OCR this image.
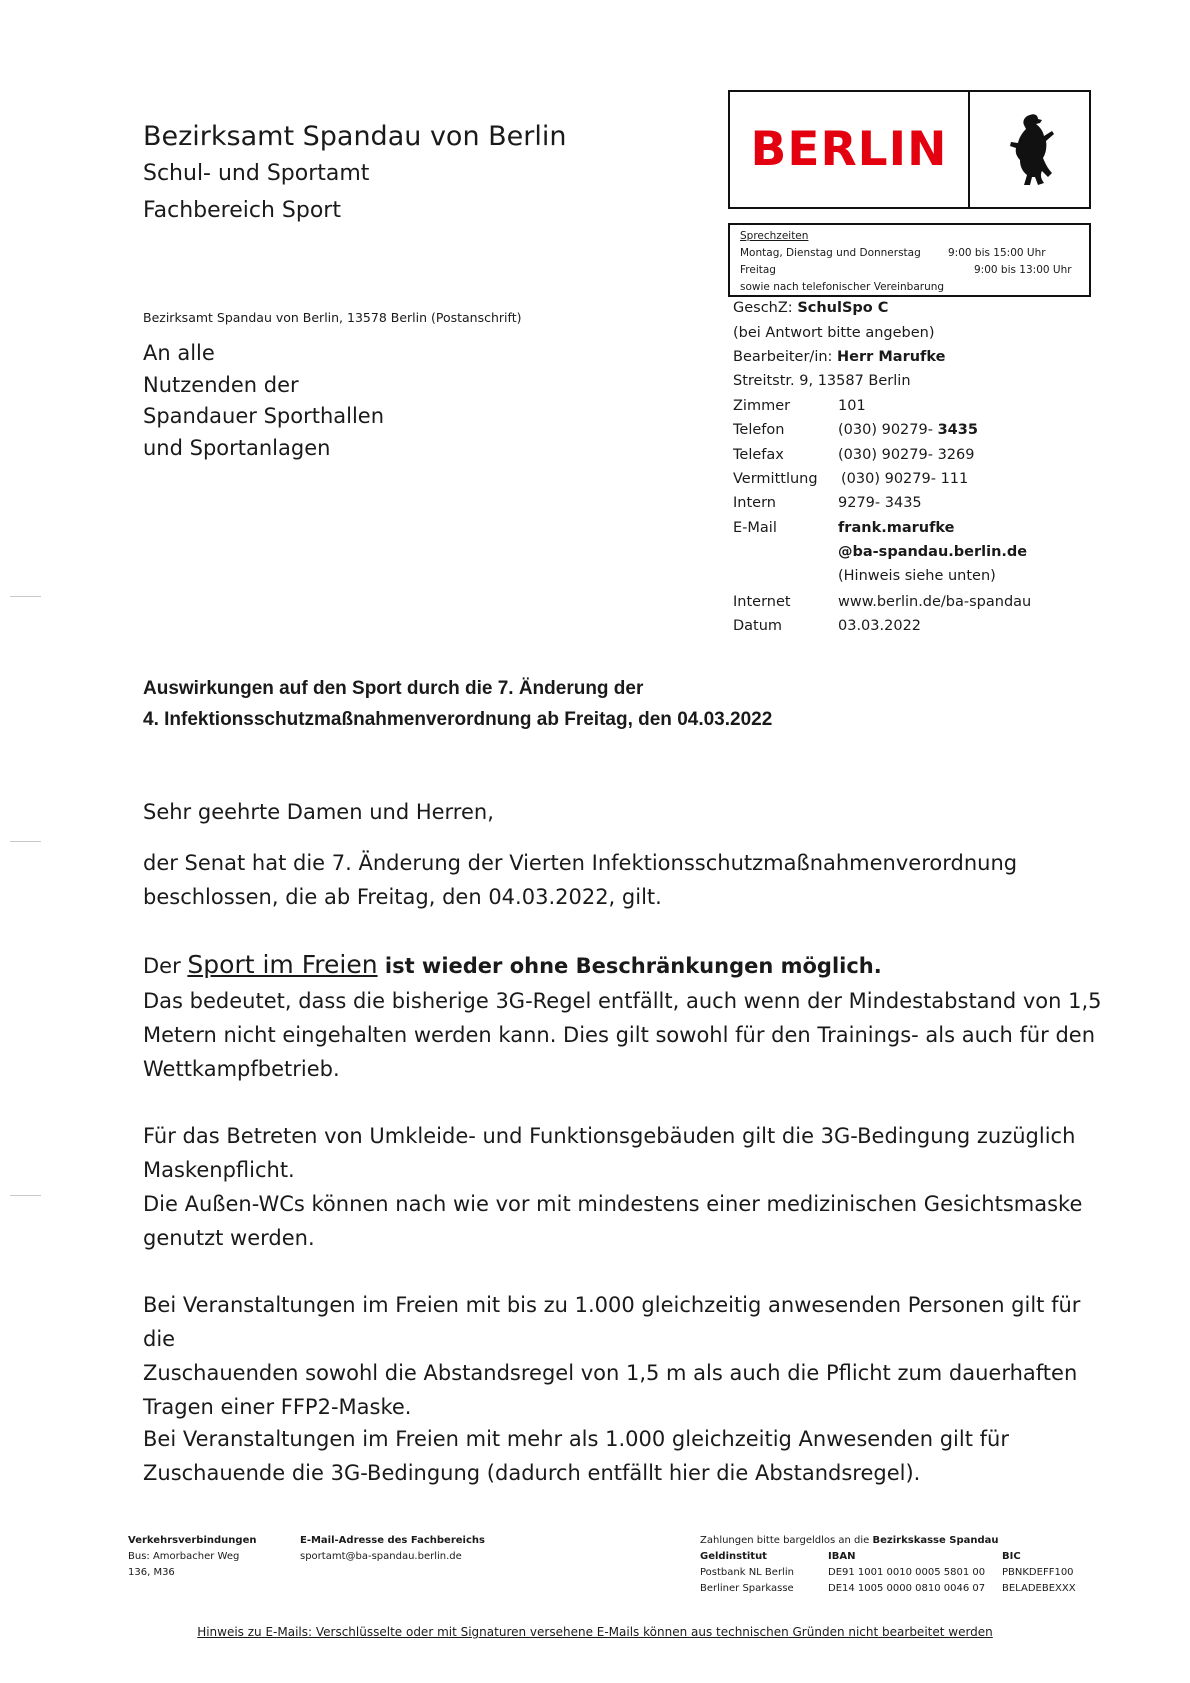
Bezirksamt Spandau von Berlin
Schul- und Sportamt
Fachbereich Sport
BERLIN
Sprechzeiten
Montag, Dienstag und Donnerstag	9:00 bis 15:00 Uhr
Freitag	9:00 bis 13:00 Uhr
sowie nach telefonischer Vereinbarung
Bezirksamt Spandau von Berlin, 13578 Berlin (Postanschrift)
An alle
Nutzenden der
Spandauer Sporthallen
und Sportanlagen
GeschZ:
SchulSpo C
(bei Antwort bitte angeben)
Bearbeiter/in:
Herr Marufke
Streitstr. 9, 13587 Berlin
Zimmer	101
Telefon	(030) 90279- 3435
Telefax	(030) 90279- 3269
Vermittlung	(030) 90279- 111
Intern	9279- 3435
E-Mail	frank.marufke
@ba-spandau.berlin.de
(Hinweis siehe unten)
Internet	www.berlin.de/ba-spandau
Datum	03.03.2022
Auswirkungen auf den Sport durch die 7. Änderung der
4. Infektionsschutzmaßnahmenverordnung ab Freitag, den 04.03.2022
Sehr geehrte Damen und Herren,
der Senat hat die 7. Änderung der Vierten Infektionsschutzmaßnahmenverordnung
beschlossen, die ab Freitag, den 04.03.2022, gilt.
Der Sport im Freien ist wieder ohne Beschränkungen möglich.
Das bedeutet, dass die bisherige 3G-Regel entfällt, auch wenn der Mindestabstand von 1,5
Metern nicht eingehalten werden kann. Dies gilt sowohl für den Trainings- als auch für den
Wettkampfbetrieb.
Für das Betreten von Umkleide- und Funktionsgebäuden gilt die 3G-Bedingung zuzüglich
Maskenpflicht.
Die Außen-WCs können nach wie vor mit mindestens einer medizinischen Gesichtsmaske
genutzt werden.
Bei Veranstaltungen im Freien mit bis zu 1.000 gleichzeitig anwesenden Personen gilt für die
Zuschauenden sowohl die Abstandsregel von 1,5 m als auch die Pflicht zum dauerhaften
Tragen einer FFP2-Maske.
Bei Veranstaltungen im Freien mit mehr als 1.000 gleichzeitig Anwesenden gilt für
Zuschauende die 3G-Bedingung (dadurch entfällt hier die Abstandsregel).
Verkehrsverbindungen
Bus: Amorbacher Weg
136, M36
E-Mail-Adresse des Fachbereichs
sportamt@ba-spandau.berlin.de
Zahlungen bitte bargeldlos an die Bezirkskasse Spandau
Geldinstitut	IBAN	BIC
Postbank NL Berlin	DE91 1001 0010 0005 5801 00	PBNKDEFF100
Berliner Sparkasse	DE14 1005 0000 0810 0046 07	BELADEBEXXX
Hinweis zu E-Mails: Verschlüsselte oder mit Signaturen versehene E-Mails können aus technischen Gründen nicht bearbeitet werden
